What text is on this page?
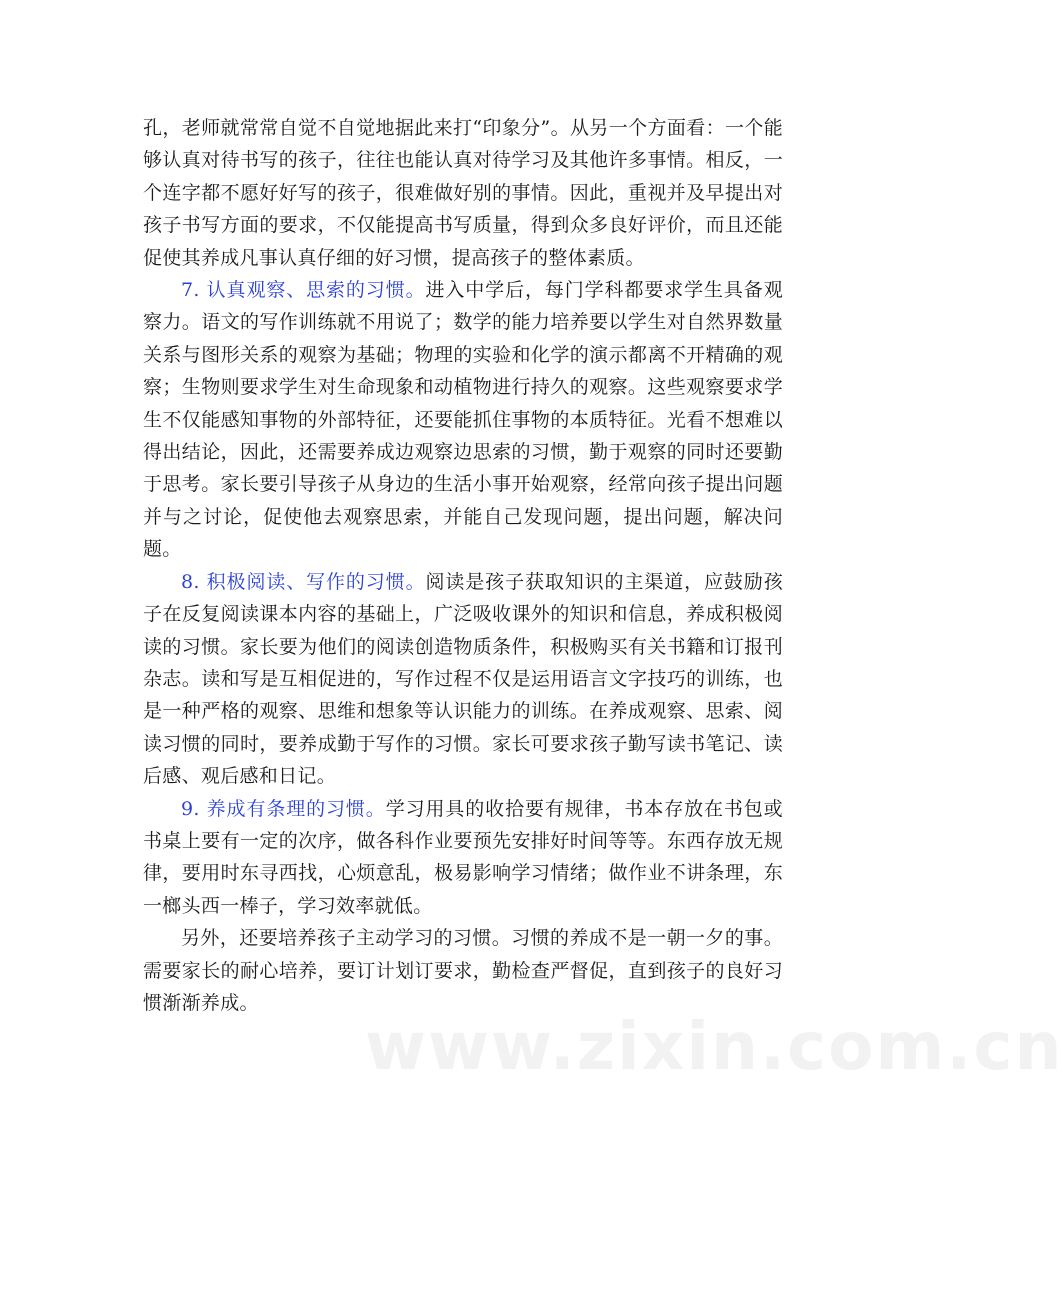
孔，老师就常常自觉不自觉地据此来打“印象分”。从另一个方面看：一个能够认真对待书写的孩子，往往也能认真对待学习及其他许多事情。相反，一个连字都不愿好好写的孩子，很难做好别的事情。因此，重视并及早提出对孩子书写方面的要求，不仅能提高书写质量，得到众多良好评价，而且还能促使其养成凡事认真仔细的好习惯，提高孩子的整体素质。

7. 认真观察、思索的习惯。进入中学后，每门学科都要求学生具备观察力。语文的写作训练就不用说了；数学的能力培养要以学生对自然界数量关系与图形关系的观察为基础；物理的实验和化学的演示都离不开精确的观察；生物则要求学生对生命现象和动植物进行持久的观察。这些观察要求学生不仅能感知事物的外部特征，还要能抓住事物的本质特征。光看不想难以得出结论，因此，还需要养成边观察边思索的习惯，勤于观察的同时还要勤于思考。家长要引导孩子从身边的生活小事开始观察，经常向孩子提出问题并与之讨论，促使他去观察思索，并能自己发现问题，提出问题，解决问题。

8. 积极阅读、写作的习惯。阅读是孩子获取知识的主渠道，应鼓励孩子在反复阅读课本内容的基础上，广泛吸收课外的知识和信息，养成积极阅读的习惯。家长要为他们的阅读创造物质条件，积极购买有关书籍和订报刊杂志。读和写是互相促进的，写作过程不仅是运用语言文字技巧的训练，也是一种严格的观察、思维和想象等认识能力的训练。在养成观察、思索、阅读习惯的同时，要养成勤于写作的习惯。家长可要求孩子勤写读书笔记、读后感、观后感和日记。

9. 养成有条理的习惯。学习用具的收拾要有规律，书本存放在书包或书桌上要有一定的次序，做各科作业要预先安排好时间等等。东西存放无规律，要用时东寻西找，心烦意乱，极易影响学习情绪；做作业不讲条理，东一榔头西一棒子，学习效率就低。

另外，还要培养孩子主动学习的习惯。习惯的养成不是一朝一夕的事。需要家长的耐心培养，要订计划订要求，勤检查严督促，直到孩子的良好习惯渐渐养成。

www.zixin.com.cn
